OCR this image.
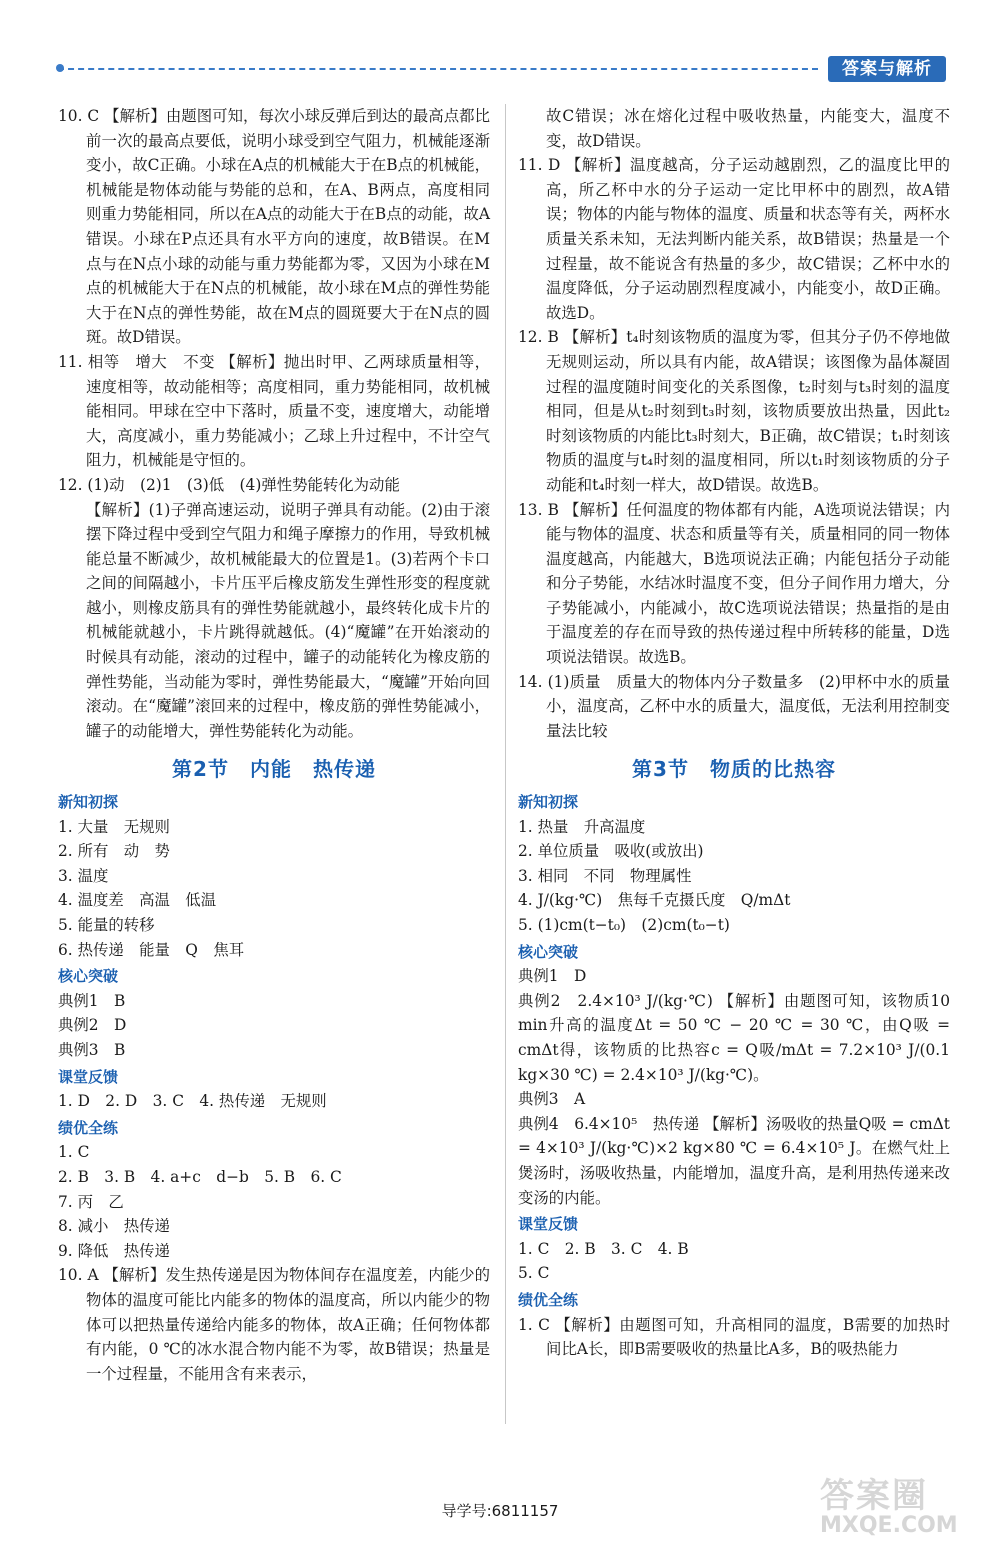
答案与解析

10. C 【解析】由题图可知，每次小球反弹后到达的最高点都比前一次的最高点要低，说明小球受到空气阻力，机械能逐渐变小，故C正确。小球在A点的机械能大于在B点的机械能，机械能是物体动能与势能的总和，在A、B两点，高度相同则重力势能相同，所以在A点的动能大于在B点的动能，故A错误。小球在P点还具有水平方向的速度，故B错误。在M点与在N点小球的动能与重力势能都为零，又因为小球在M点的机械能大于在N点的机械能，故小球在M点的弹性势能大于在N点的弹性势能，故在M点的圆斑要大于在N点的圆斑。故D错误。

11. 相等　增大　不变 【解析】抛出时甲、乙两球质量相等，速度相等，故动能相等；高度相同，重力势能相同，故机械能相同。甲球在空中下落时，质量不变，速度增大，动能增大，高度减小，重力势能减小；乙球上升过程中，不计空气阻力，机械能是守恒的。

12. (1)动　(2)1　(3)低　(4)弹性势能转化为动能

【解析】(1)子弹高速运动，说明子弹具有动能。(2)由于滚摆下降过程中受到空气阻力和绳子摩擦力的作用，导致机械能总量不断减少，故机械能最大的位置是1。(3)若两个卡口之间的间隔越小，卡片压平后橡皮筋发生弹性形变的程度就越小，则橡皮筋具有的弹性势能就越小，最终转化成卡片的机械能就越小，卡片跳得就越低。(4)“魔罐”在开始滚动的时候具有动能，滚动的过程中，罐子的动能转化为橡皮筋的弹性势能，当动能为零时，弹性势能最大，“魔罐”开始向回滚动。在“魔罐”滚回来的过程中，橡皮筋的弹性势能减小，罐子的动能增大，弹性势能转化为动能。

第2节　内能　热传递
新知初探

1. 大量　无规则

2. 所有　动　势

3. 温度

4. 温度差　高温　低温

5. 能量的转移

6. 热传递　能量　Q　焦耳

核心突破

典例1　B

典例2　D

典例3　B

课堂反馈

1. D　2. D　3. C　4. 热传递　无规则

绩优全练

1. C

2. B　3. B　4. a+c　d−b　5. B　6. C

7. 丙　乙

8. 减小　热传递

9. 降低　热传递

10. A 【解析】发生热传递是因为物体间存在温度差，内能少的物体的温度可能比内能多的物体的温度高，所以内能少的物体可以把热量传递给内能多的物体，故A正确；任何物体都有内能，0 ℃的冰水混合物内能不为零，故B错误；热量是一个过程量，不能用含有来表示，

故C错误；冰在熔化过程中吸收热量，内能变大，温度不变，故D错误。

11. D 【解析】温度越高，分子运动越剧烈，乙的温度比甲的高，所乙杯中水的分子运动一定比甲杯中的剧烈，故A错误；物体的内能与物体的温度、质量和状态等有关，两杯水质量关系未知，无法判断内能关系，故B错误；热量是一个过程量，故不能说含有热量的多少，故C错误；乙杯中水的温度降低，分子运动剧烈程度减小，内能变小，故D正确。故选D。

12. B 【解析】t₄时刻该物质的温度为零，但其分子仍不停地做无规则运动，所以具有内能，故A错误；该图像为晶体凝固过程的温度随时间变化的关系图像，t₂时刻与t₃时刻的温度相同，但是从t₂时刻到t₃时刻，该物质要放出热量，因此t₂时刻该物质的内能比t₃时刻大，B正确，故C错误；t₁时刻该物质的温度与t₄时刻的温度相同，所以t₁时刻该物质的分子动能和t₄时刻一样大，故D错误。故选B。

13. B 【解析】任何温度的物体都有内能，A选项说法错误；内能与物体的温度、状态和质量等有关，质量相同的同一物体温度越高，内能越大，B选项说法正确；内能包括分子动能和分子势能，水结冰时温度不变，但分子间作用力增大，分子势能减小，内能减小，故C选项说法错误；热量指的是由于温度差的存在而导致的热传递过程中所转移的能量，D选项说法错误。故选B。

14. (1)质量　质量大的物体内分子数量多　(2)甲杯中水的质量小，温度高，乙杯中水的质量大，温度低，无法利用控制变量法比较

第3节　物质的比热容
新知初探

1. 热量　升高温度

2. 单位质量　吸收(或放出)

3. 相同　不同　物理属性

4. J/(kg·℃)　焦每千克摄氏度　Q/mΔt

5. (1)cm(t−t₀)　(2)cm(t₀−t)

核心突破

典例1　D

典例2　2.4×10³ J/(kg·℃) 【解析】由题图可知，该物质10 min升高的温度Δt = 50 ℃ − 20 ℃ = 30 ℃，由Q吸 = cmΔt得，该物质的比热容c = Q吸/mΔt = 7.2×10³ J/(0.1 kg×30 ℃) = 2.4×10³ J/(kg·℃)。

典例3　A

典例4　6.4×10⁵　热传递 【解析】汤吸收的热量Q吸 = cmΔt = 4×10³ J/(kg·℃)×2 kg×80 ℃ = 6.4×10⁵ J。在燃气灶上煲汤时，汤吸收热量，内能增加，温度升高，是利用热传递来改变汤的内能。

课堂反馈

1. C　2. B　3. C　4. B

5. C

绩优全练

1. C 【解析】由题图可知，升高相同的温度，B需要的加热时间比A长，即B需要吸收的热量比A多，B的吸热能力

导学号:6811157	答案圈
MXQE.COM
